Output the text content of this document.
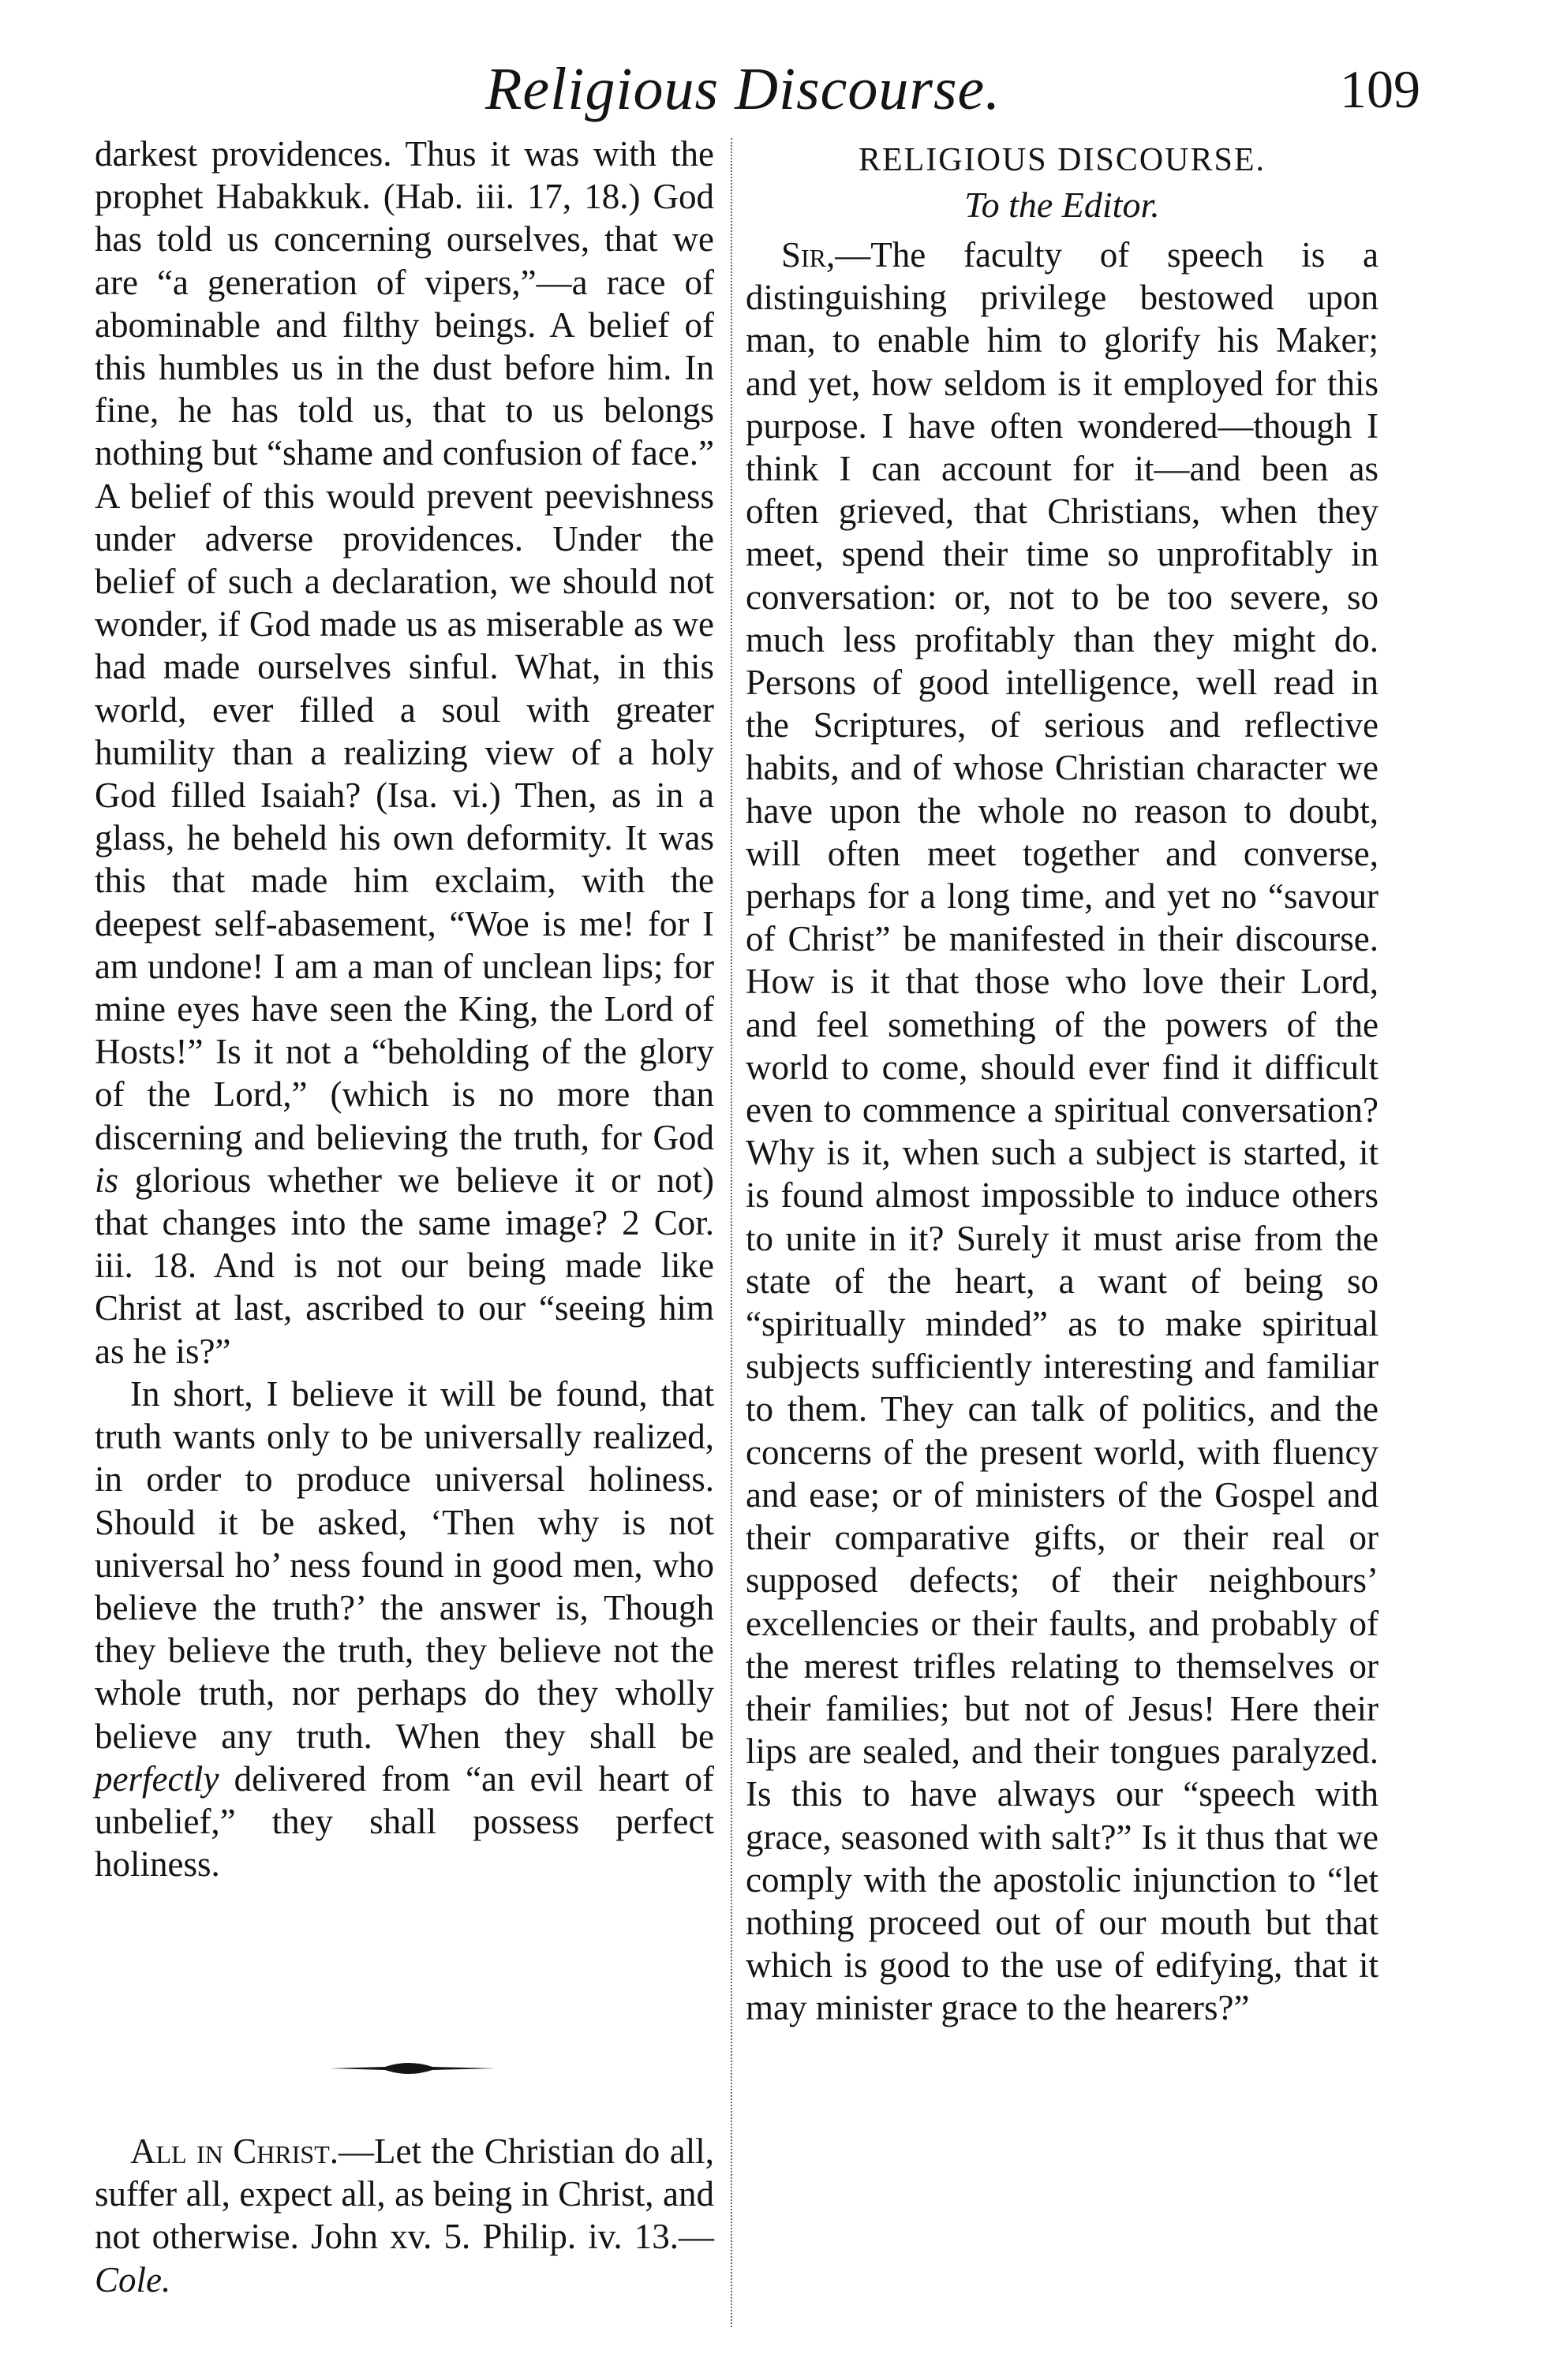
Religious Discourse.	109

darkest providences. Thus it was with the prophet Habakkuk. (Hab. iii. 17, 18.) God has told us concerning ourselves, that we are “a generation of vipers,”—a race of abominable and filthy beings. A belief of this humbles us in the dust before him. In fine, he has told us, that to us belongs nothing but “shame and confusion of face.” A belief of this would prevent peevishness under adverse providences. Under the belief of such a declaration, we should not wonder, if God made us as miserable as we had made ourselves sinful. What, in this world, ever filled a soul with greater humility than a realizing view of a holy God filled Isaiah? (Isa. vi.) Then, as in a glass, he beheld his own deformity. It was this that made him exclaim, with the deepest self-abasement, “Woe is me! for I am undone! I am a man of unclean lips; for mine eyes have seen the King, the Lord of Hosts!” Is it not a “beholding of the glory of the Lord,” (which is no more than discerning and believing the truth, for God is glorious whether we believe it or not) that changes into the same image? 2 Cor. iii. 18. And is not our being made like Christ at last, ascribed to our “seeing him as he is?”

In short, I believe it will be found, that truth wants only to be universally realized, in order to produce universal holiness. Should it be asked, ‘Then why is not universal ho’ ness found in good men, who believe the truth?’ the answer is, Though they believe the truth, they believe not the whole truth, nor perhaps do they wholly believe any truth. When they shall be perfectly delivered from “an evil heart of unbelief,” they shall possess perfect holiness.

All in Christ.—Let the Christian do all, suffer all, expect all, as being in Christ, and not otherwise. John xv. 5. Philip. iv. 13.—Cole.

RELIGIOUS DISCOURSE.
To the Editor.

Sir,—The faculty of speech is a distinguishing privilege bestowed upon man, to enable him to glorify his Maker; and yet, how seldom is it employed for this purpose. I have often wondered—though I think I can account for it—and been as often grieved, that Christians, when they meet, spend their time so unprofitably in conversation: or, not to be too severe, so much less profitably than they might do. Persons of good intelligence, well read in the Scriptures, of serious and reflective habits, and of whose Christian character we have upon the whole no reason to doubt, will often meet together and converse, perhaps for a long time, and yet no “savour of Christ” be manifested in their discourse. How is it that those who love their Lord, and feel something of the powers of the world to come, should ever find it difficult even to commence a spiritual conversation? Why is it, when such a subject is started, it is found almost impossible to induce others to unite in it? Surely it must arise from the state of the heart, a want of being so “spiritually minded” as to make spiritual subjects sufficiently interesting and familiar to them. They can talk of politics, and the concerns of the present world, with fluency and ease; or of ministers of the Gospel and their comparative gifts, or their real or supposed defects; of their neighbours’ excellencies or their faults, and probably of the merest trifles relating to themselves or their families; but not of Jesus! Here their lips are sealed, and their tongues paralyzed. Is this to have always our “speech with grace, seasoned with salt?” Is it thus that we comply with the apostolic injunction to “let nothing proceed out of our mouth but that which is good to the use of edifying, that it may minister grace to the hearers?”
